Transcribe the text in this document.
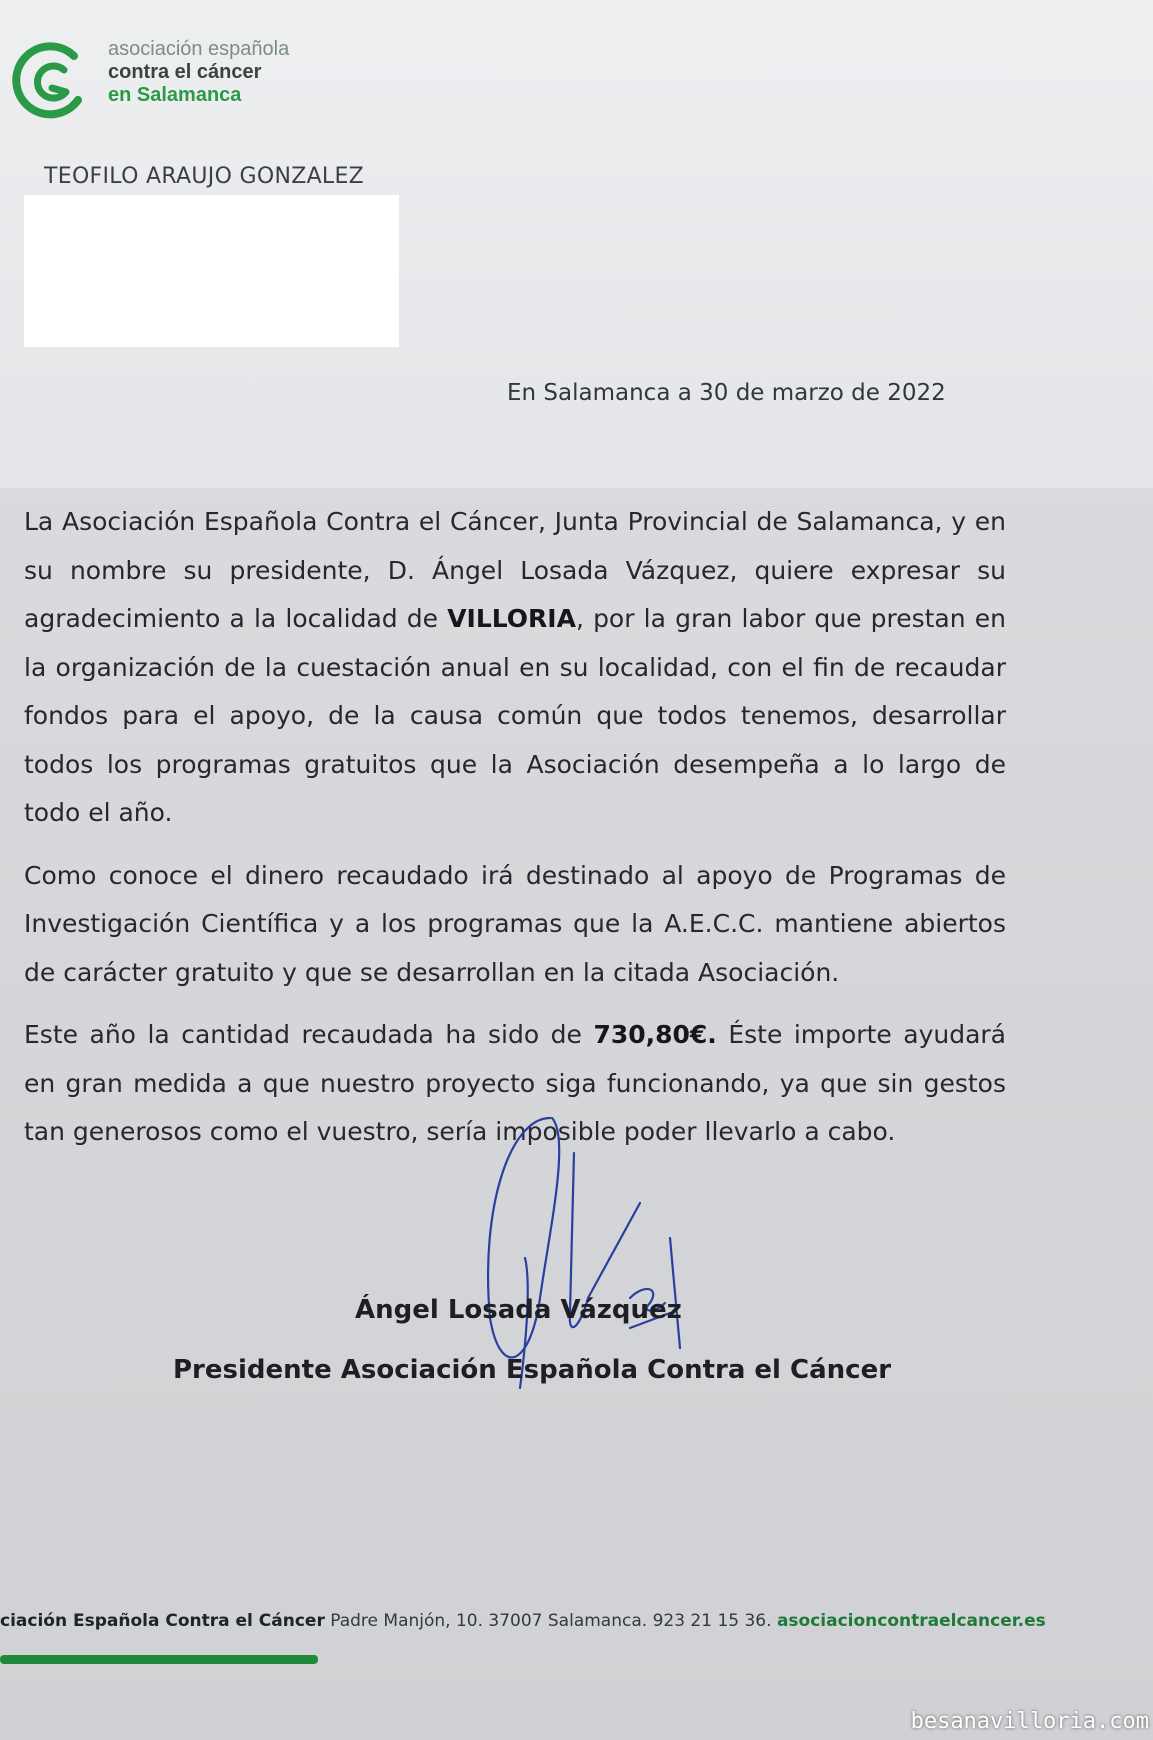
asociación española
contra el cáncer
en Salamanca
TEOFILO ARAUJO GONZALEZ
En Salamanca a 30 de marzo de 2022

La Asociación Española Contra el Cáncer, Junta Provincial de Salamanca, y en su nombre su presidente, D. Ángel Losada Vázquez, quiere expresar su agradecimiento a la localidad de VILLORIA, por la gran labor que prestan en la organización de la cuestación anual en su localidad, con el fin de recaudar fondos para el apoyo, de la causa común que todos tenemos, desarrollar todos los programas gratuitos que la Asociación desempeña a lo largo de todo el año.

Como conoce el dinero recaudado irá destinado al apoyo de Programas de Investigación Científica y a los programas que la A.E.C.C. mantiene abiertos de carácter gratuito y que se desarrollan en la citada Asociación.

Este año la cantidad recaudada ha sido de 730,80€. Éste importe ayudará en gran medida a que nuestro proyecto siga funcionando, ya que sin gestos tan generosos como el vuestro, sería imposible poder llevarlo a cabo.

Ángel Losada Vázquez
Presidente Asociación Española Contra el Cáncer
ciación Española Contra el Cáncer Padre Manjón, 10. 37007 Salamanca. 923 21 15 36. asociacioncontraelcancer.es
besanavilloria.com
